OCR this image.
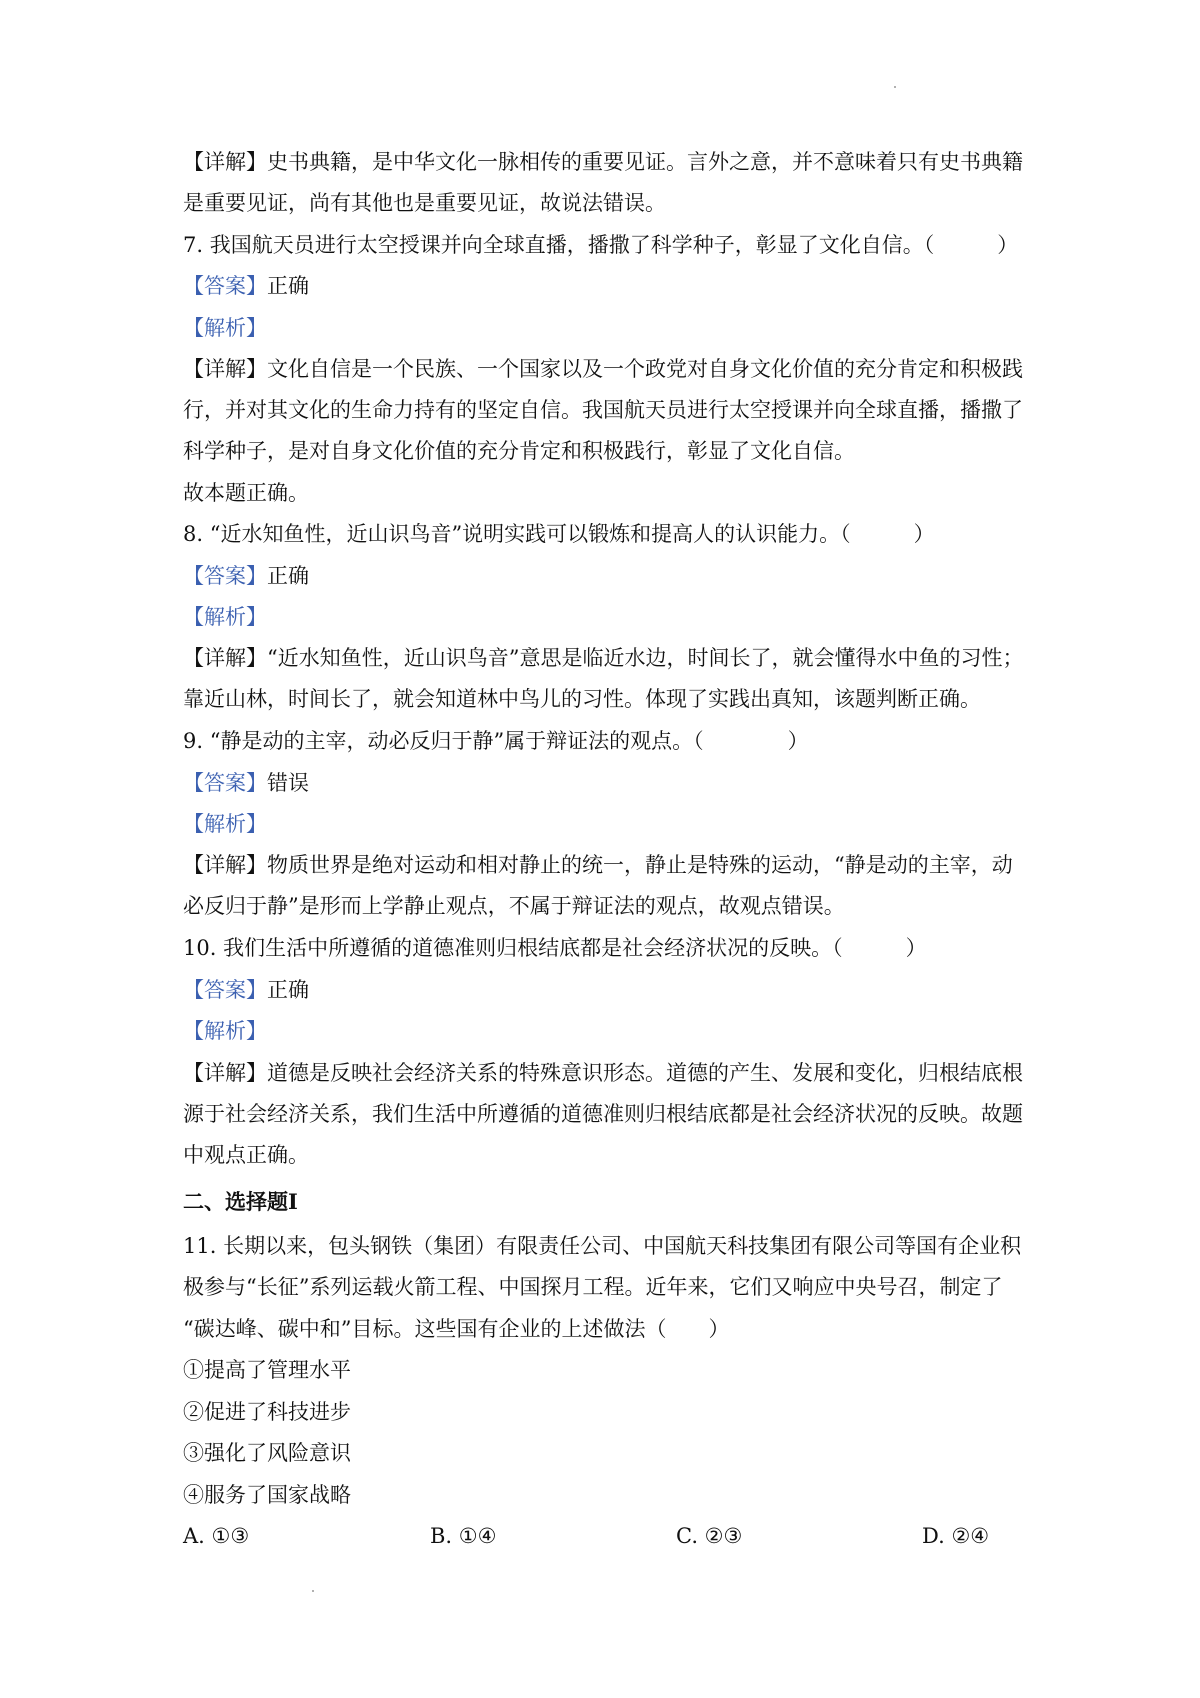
【详解】史书典籍，是中华文化一脉相传的重要见证。言外之意，并不意味着只有史书典籍
是重要见证，尚有其他也是重要见证，故说法错误。
7. 我国航天员进行太空授课并向全球直播，播撒了科学种子，彰显了文化自信。（　　　）
【答案】正确
【解析】
【详解】文化自信是一个民族、一个国家以及一个政党对自身文化价值的充分肯定和积极践
行，并对其文化的生命力持有的坚定自信。我国航天员进行太空授课并向全球直播，播撒了
科学种子，是对自身文化价值的充分肯定和积极践行，彰显了文化自信。
故本题正确。
8. “近水知鱼性，近山识鸟音”说明实践可以锻炼和提高人的认识能力。（　　　）
【答案】正确
【解析】
【详解】“近水知鱼性，近山识鸟音”意思是临近水边，时间长了，就会懂得水中鱼的习性；
靠近山林，时间长了，就会知道林中鸟儿的习性。体现了实践出真知，该题判断正确。
9. “静是动的主宰，动必反归于静”属于辩证法的观点。（　　　　）
【答案】错误
【解析】
【详解】物质世界是绝对运动和相对静止的统一，静止是特殊的运动，“静是动的主宰，动
必反归于静”是形而上学静止观点，不属于辩证法的观点，故观点错误。
10. 我们生活中所遵循的道德准则归根结底都是社会经济状况的反映。（　　　）
【答案】正确
【解析】
【详解】道德是反映社会经济关系的特殊意识形态。道德的产生、发展和变化，归根结底根
源于社会经济关系，我们生活中所遵循的道德准则归根结底都是社会经济状况的反映。故题
中观点正确。
二、选择题Ⅰ
11. 长期以来，包头钢铁（集团）有限责任公司、中国航天科技集团有限公司等国有企业积
极参与“长征”系列运载火箭工程、中国探月工程。近年来，它们又响应中央号召，制定了
“碳达峰、碳中和”目标。这些国有企业的上述做法（　　）
①提高了管理水平
②促进了科技进步
③强化了风险意识
④服务了国家战略
A. ①③	B. ①④	C. ②③	D. ②④
